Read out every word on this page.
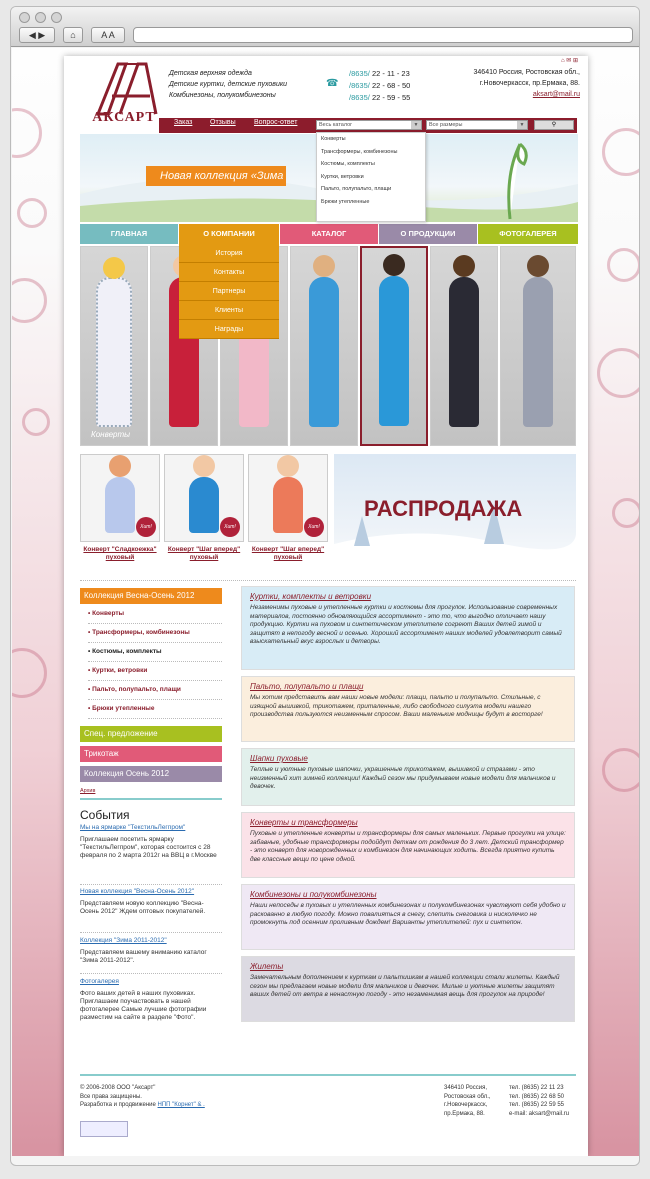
◀ ▶	⌂	A A
АКСАРТ
Детская верхняя одежда
Детские куртки, детские пуховики
Комбинезоны, полукомбинезоны
☎
/8635/ 22 - 11 - 23
/8635/ 22 - 68 - 50
/8635/ 22 - 59 - 55
⌂ ✉ ⊞
346410 Россия, Ростовская обл.,
г.Новочеркасск, пр.Ермака, 88.
aksart@mail.ru
Заказ	Отзывы	Вопрос-ответ	Весь каталог	▼	Все размеры	▼	⚲
Новая коллекция «Зима
Конверты
Трансформеры, комбинезоны
Костюмы, комплекты
Куртки, ветровки
Пальто, полупальто, плащи
Брюки утепленные
ГЛАВНАЯ	О КОМПАНИИ	КАТАЛОГ	О ПРОДУКЦИИ	ФОТОГАЛЕРЕЯ
Конверты
История
Контакты
Партнеры
Клиенты
Награды
Хит!	Хит!	Хит!
Конверт "Сладкоежка" пуховый
Конверт "Шаг вперед" пуховый
Конверт "Шаг вперед" пуховый
РАСПРОДАЖА
Коллекция Весна-Осень 2012
• Конверты
• Трансформеры, комбинезоны
• Костюмы, комплекты
• Куртки, ветровки
• Пальто, полупальто, плащи
• Брюки утепленные
Спец. предложение
Трикотаж
Коллекция Осень 2012
Архив
События
Мы на ярмарке "ТекстильЛегпром"
Приглашаем посетить ярмарку "ТекстильЛегпром", которая состоится с 28 февраля по 2 марта 2012г на ВВЦ в г.Москве
Новая коллекция "Весна-Осень 2012"
Представляем новую коллекцию "Весна-Осень 2012" Ждем оптовых покупателей.
Коллекция "Зима 2011-2012"
Представляем вашему вниманию каталог "Зима 2011-2012".
Фотогалерея
Фото ваших детей в наших пуховиках. Приглашаем поучаствовать в нашей фотогалерее Самые лучшие фотографии разместим на сайте в разделе "Фото".
Куртки, комплекты и ветровки
Незаменимы пуховые и утепленные куртки и костюмы для прогулок. Использование современных материалов, постоянно обновляющийся ассортимент - это то, что выгодно отличает нашу продукцию. Куртки на пуховом и синтетическом утеплителе согреют Ваших детей зимой и защитят в непогоду весной и осенью. Хороший ассортимент наших моделей удовлетворит самый взыскательный вкус взрослых и детворы.
Пальто, полупальто и плащи
Мы хотим представить вам наши новые модели: плащи, пальто и полупальто. Стильные, с изящной вышивкой, трикотажем, приталенные, либо свободного силуэта модели нашего производства пользуются неизменным спросом. Ваши маленькие модницы будут в восторге!
Шапки пуховые
Теплые и уютные пуховые шапочки, украшенные трикотажем, вышивкой и стразами - это неизменный хит зимней коллекции! Каждый сезон мы придумываем новые модели для мальчиков и девочек.
Конверты и трансформеры
Пуховые и утепленные конверты и трансформеры для самых маленьких. Первые прогулки на улице: забавные, удобные трансформеры подойдут деткам от рождения до 3 лет. Детский трансформер - это конверт для новорожденных и комбинезон для начинающих ходить. Всегда приятно купить две классные вещи по цене одной.
Комбинезоны и полукомбинезоны
Наши непоседы в пуховых и утепленных комбинезонах и полукомбинезонах чувствуют себя удобно и раскованно в любую погоду. Можно повалияться в снегу, слепить снеговика и нисколечко не промокнуть под осенним проливным дождем! Варианты утеплителей: пух и синтепон.
Жилеты
Замечательным дополнением к курткам и пальтишкам в нашей коллекции стали жилеты. Каждый сезон мы предлагаем новые модели для мальчиков и девочек. Милые и уютные жилеты защитят ваших детей от ветра в ненастную погоду - это незаменимая вещь для прогулок на природе!
© 2006-2008 ООО "Аксарт"
Все права защищены.
Разработка и продвижение НПП "Корнет" & .
346410 Россия,
Ростовская обл.,
г.Новочеркасск,
пр.Ермака, 88.
тел. (8635) 22 11 23
тел. (8635) 22 68 50
тел. (8635) 22 59 55
e-mail: aksart@mail.ru
